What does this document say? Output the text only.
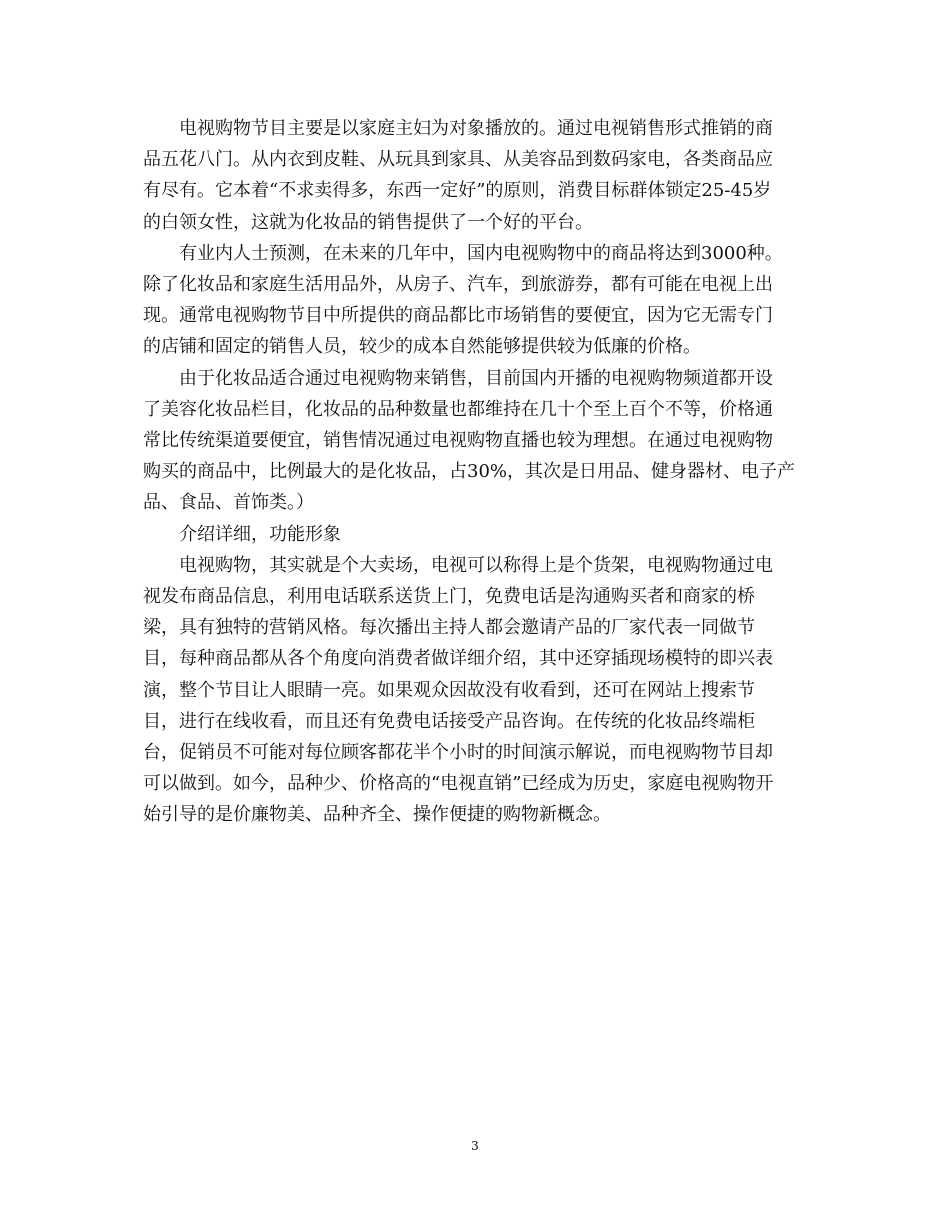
电视购物节目主要是以家庭主妇为对象播放的。通过电视销售形式推销的商
品五花八门。从内衣到皮鞋、从玩具到家具、从美容品到数码家电，各类商品应
有尽有。它本着“不求卖得多，东西一定好”的原则，消费目标群体锁定25-45岁
的白领女性，这就为化妆品的销售提供了一个好的平台。
有业内人士预测，在未来的几年中，国内电视购物中的商品将达到3000种。
除了化妆品和家庭生活用品外，从房子、汽车，到旅游券，都有可能在电视上出
现。通常电视购物节目中所提供的商品都比市场销售的要便宜，因为它无需专门
的店铺和固定的销售人员，较少的成本自然能够提供较为低廉的价格。
由于化妆品适合通过电视购物来销售，目前国内开播的电视购物频道都开设
了美容化妆品栏目，化妆品的品种数量也都维持在几十个至上百个不等，价格通
常比传统渠道要便宜，销售情况通过电视购物直播也较为理想。在通过电视购物
购买的商品中，比例最大的是化妆品，占30%，其次是日用品、健身器材、电子产
品、食品、首饰类。）
介绍详细，功能形象
电视购物，其实就是个大卖场，电视可以称得上是个货架，电视购物通过电
视发布商品信息，利用电话联系送货上门，免费电话是沟通购买者和商家的桥
梁，具有独特的营销风格。每次播出主持人都会邀请产品的厂家代表一同做节
目，每种商品都从各个角度向消费者做详细介绍，其中还穿插现场模特的即兴表
演，整个节目让人眼睛一亮。如果观众因故没有收看到，还可在网站上搜索节
目，进行在线收看，而且还有免费电话接受产品咨询。在传统的化妆品终端柜
台，促销员不可能对每位顾客都花半个小时的时间演示解说，而电视购物节目却
可以做到。如今，品种少、价格高的“电视直销”已经成为历史，家庭电视购物开
始引导的是价廉物美、品种齐全、操作便捷的购物新概念。
3
